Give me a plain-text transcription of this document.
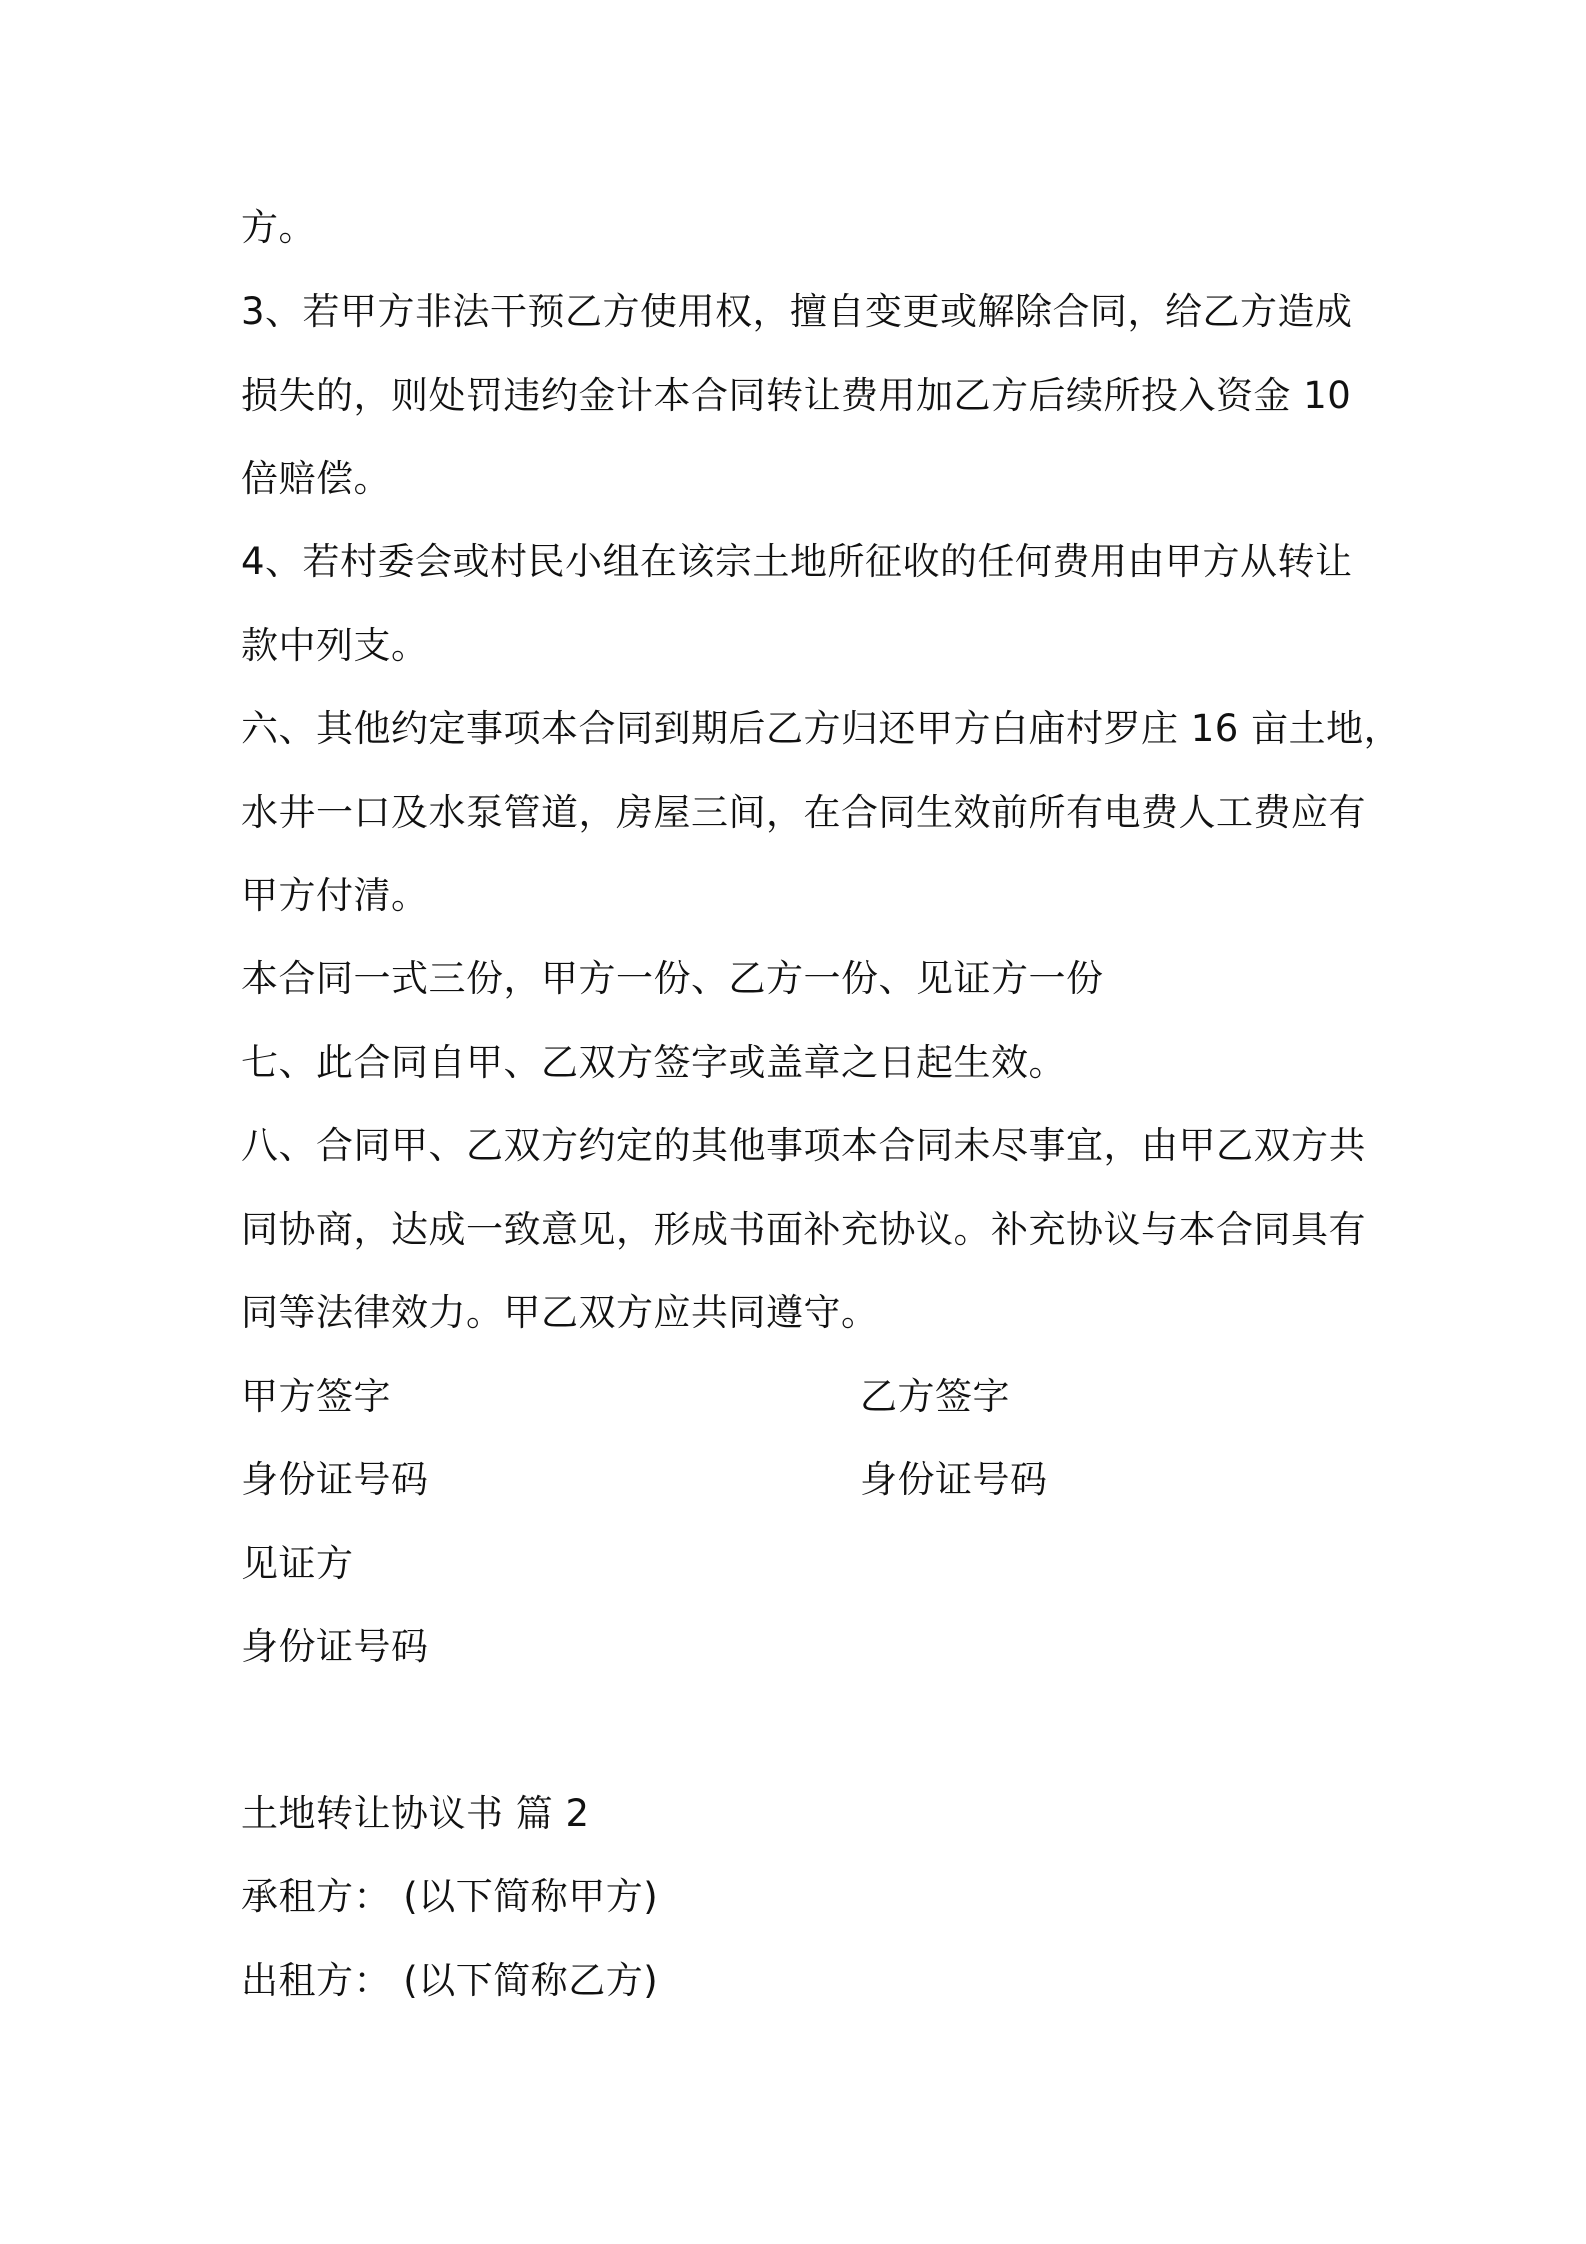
方。
3、若甲方非法干预乙方使用权，擅自变更或解除合同，给乙方造成
损失的，则处罚违约金计本合同转让费用加乙方后续所投入资金 10
倍赔偿。
4、若村委会或村民小组在该宗土地所征收的任何费用由甲方从转让
款中列支。
六、其他约定事项本合同到期后乙方归还甲方白庙村罗庄 16 亩土地，
水井一口及水泵管道，房屋三间，在合同生效前所有电费人工费应有
甲方付清。
本合同一式三份，甲方一份、乙方一份、见证方一份
七、此合同自甲、乙双方签字或盖章之日起生效。
八、合同甲、乙双方约定的其他事项本合同未尽事宜，由甲乙双方共
同协商，达成一致意见，形成书面补充协议。补充协议与本合同具有
同等法律效力。甲乙双方应共同遵守。
甲方签字	乙方签字
身份证号码	身份证号码
见证方
身份证号码
土地转让协议书 篇 2
承租方： (以下简称甲方)
出租方： (以下简称乙方)
